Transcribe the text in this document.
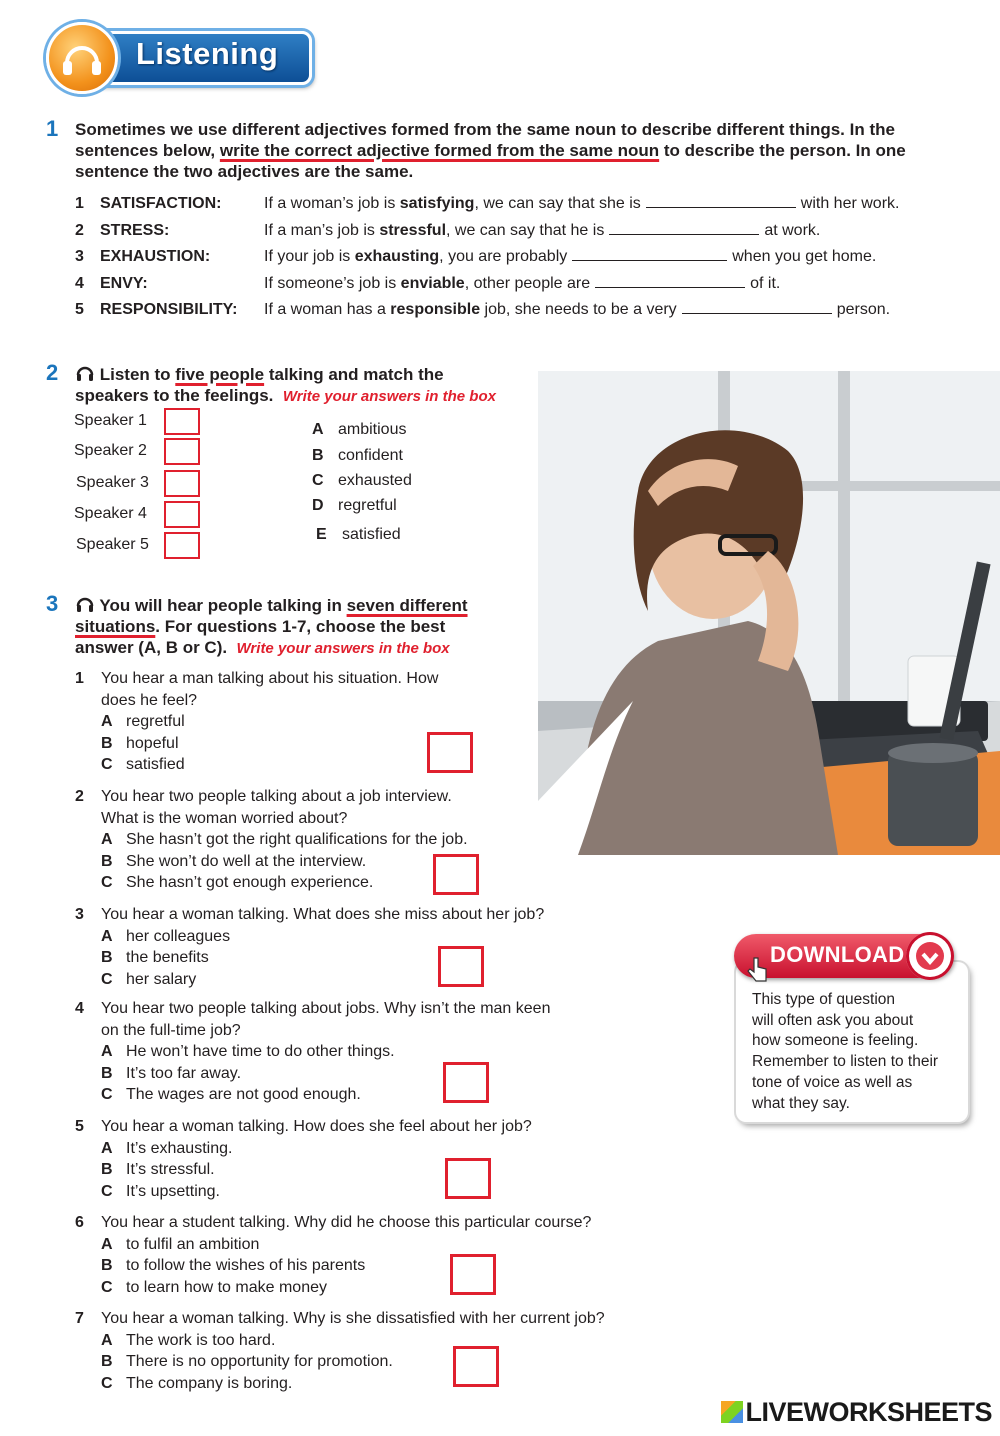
Listening
1 Sometimes we use different adjectives formed from the same noun to describe different things. In the
sentences below, write the correct adjective formed from the same noun to describe the person. In one
sentence the two adjectives are the same.
1 SATISFACTION:	If a woman’s job is satisfying, we can say that she is	with her work.
2 STRESS:	If a man’s job is stressful, we can say that he is	at work.
3 EXHAUSTION:	If your job is exhausting, you are probably	when you get home.
4 ENVY:	If someone’s job is enviable, other people are	of it.
5 RESPONSIBILITY: If a woman has a responsible job, she needs to be a very	person.
2	Listen to five people talking and match the
speakers to the feelings. Write your answers in the box
Speaker 1
Speaker 2
Speaker 3
Speaker 4
Speaker 5
A ambitious
B confident
C exhausted
D regretful
E satisfied
3	You will hear people talking in seven different
situations. For questions 1-7, choose the best
answer (A, B or C). Write your answers in the box
1 You hear a man talking about his situation. How
does he feel?
A regretful
B hopeful
C satisfied
2 You hear two people talking about a job interview.
What is the woman worried about?
A She hasn’t got the right qualifications for the job.
B She won’t do well at the interview.
C She hasn’t got enough experience.
3 You hear a woman talking. What does she miss about her job?
A her colleagues
B the benefits
C her salary
4 You hear two people talking about jobs. Why isn’t the man keen
on the full-time job?
A He won’t have time to do other things.
B It’s too far away.
C The wages are not good enough.
5 You hear a woman talking. How does she feel about her job?
A It’s exhausting.
B It’s stressful.
C It’s upsetting.
6 You hear a student talking. Why did he choose this particular course?
A to fulfil an ambition
B to follow the wishes of his parents
C to learn how to make money
7 You hear a woman talking. Why is she dissatisfied with her current job?
A The work is too hard.
B There is no opportunity for promotion.
C The company is boring.
DOWNLOAD
This type of question
will often ask you about
how someone is feeling.
Remember to listen to their
tone of voice as well as
what they say.
LIVEWORKSHEETS
